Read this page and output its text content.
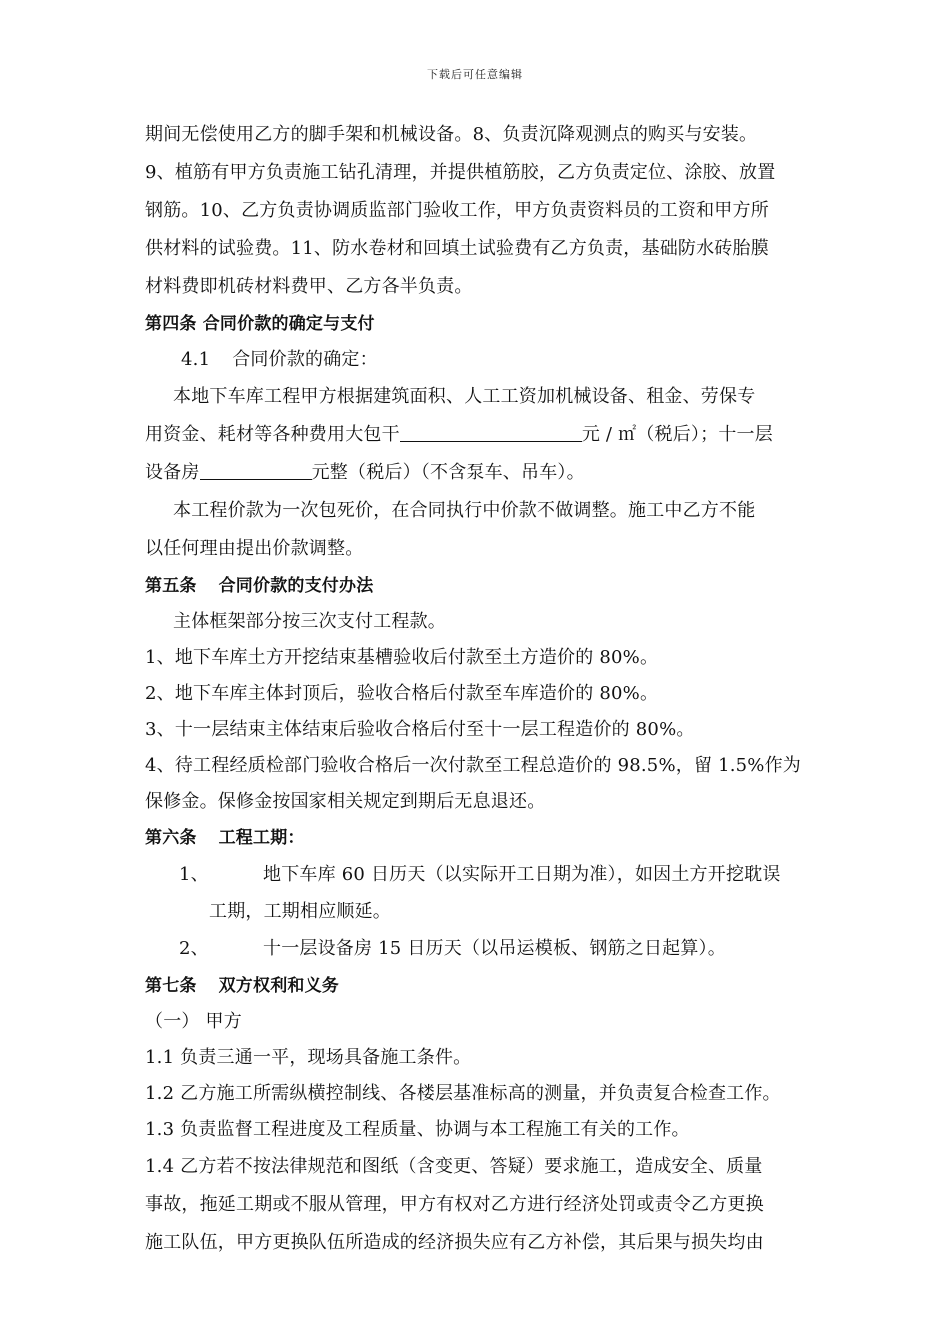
下载后可任意编辑
期间无偿使用乙方的脚手架和机械设备。8、负责沉降观测点的购买与安装。
9、植筋有甲方负责施工钻孔清理，并提供植筋胶，乙方负责定位、涂胶、放置
钢筋。10、乙方负责协调质监部门验收工作，甲方负责资料员的工资和甲方所
供材料的试验费。11、防水卷材和回填土试验费有乙方负责，基础防水砖胎膜
材料费即机砖材料费甲、乙方各半负责。
第四条 合同价款的确定与支付
4.1 合同价款的确定：
本地下车库工程甲方根据建筑面积、人工工资加机械设备、租金、劳保专
用资金、耗材等各种费用大包干	元 / ㎡（税后）；十一层
设备房	元整（税后）（不含泵车、吊车）。
本工程价款为一次包死价，在合同执行中价款不做调整。施工中乙方不能
以任何理由提出价款调整。
第五条 合同价款的支付办法
主体框架部分按三次支付工程款。
1、地下车库土方开挖结束基槽验收后付款至土方造价的 80%。
2、地下车库主体封顶后，验收合格后付款至车库造价的 80%。
3、十一层结束主体结束后验收合格后付至十一层工程造价的 80%。
4、待工程经质检部门验收合格后一次付款至工程总造价的 98.5%，留 1.5%作为
保修金。保修金按国家相关规定到期后无息退还。
第六条 工程工期：
1、	地下车库 60 日历天（以实际开工日期为准），如因土方开挖耽误
工期，工期相应顺延。
2、	十一层设备房 15 日历天（以吊运模板、钢筋之日起算）。
第七条 双方权利和义务
（一） 甲方
1.1 负责三通一平，现场具备施工条件。
1.2 乙方施工所需纵横控制线、各楼层基准标高的测量，并负责复合检查工作。
1.3 负责监督工程进度及工程质量、协调与本工程施工有关的工作。
1.4 乙方若不按法律规范和图纸（含变更、答疑）要求施工，造成安全、质量
事故，拖延工期或不服从管理，甲方有权对乙方进行经济处罚或责令乙方更换
施工队伍，甲方更换队伍所造成的经济损失应有乙方补偿，其后果与损失均由
